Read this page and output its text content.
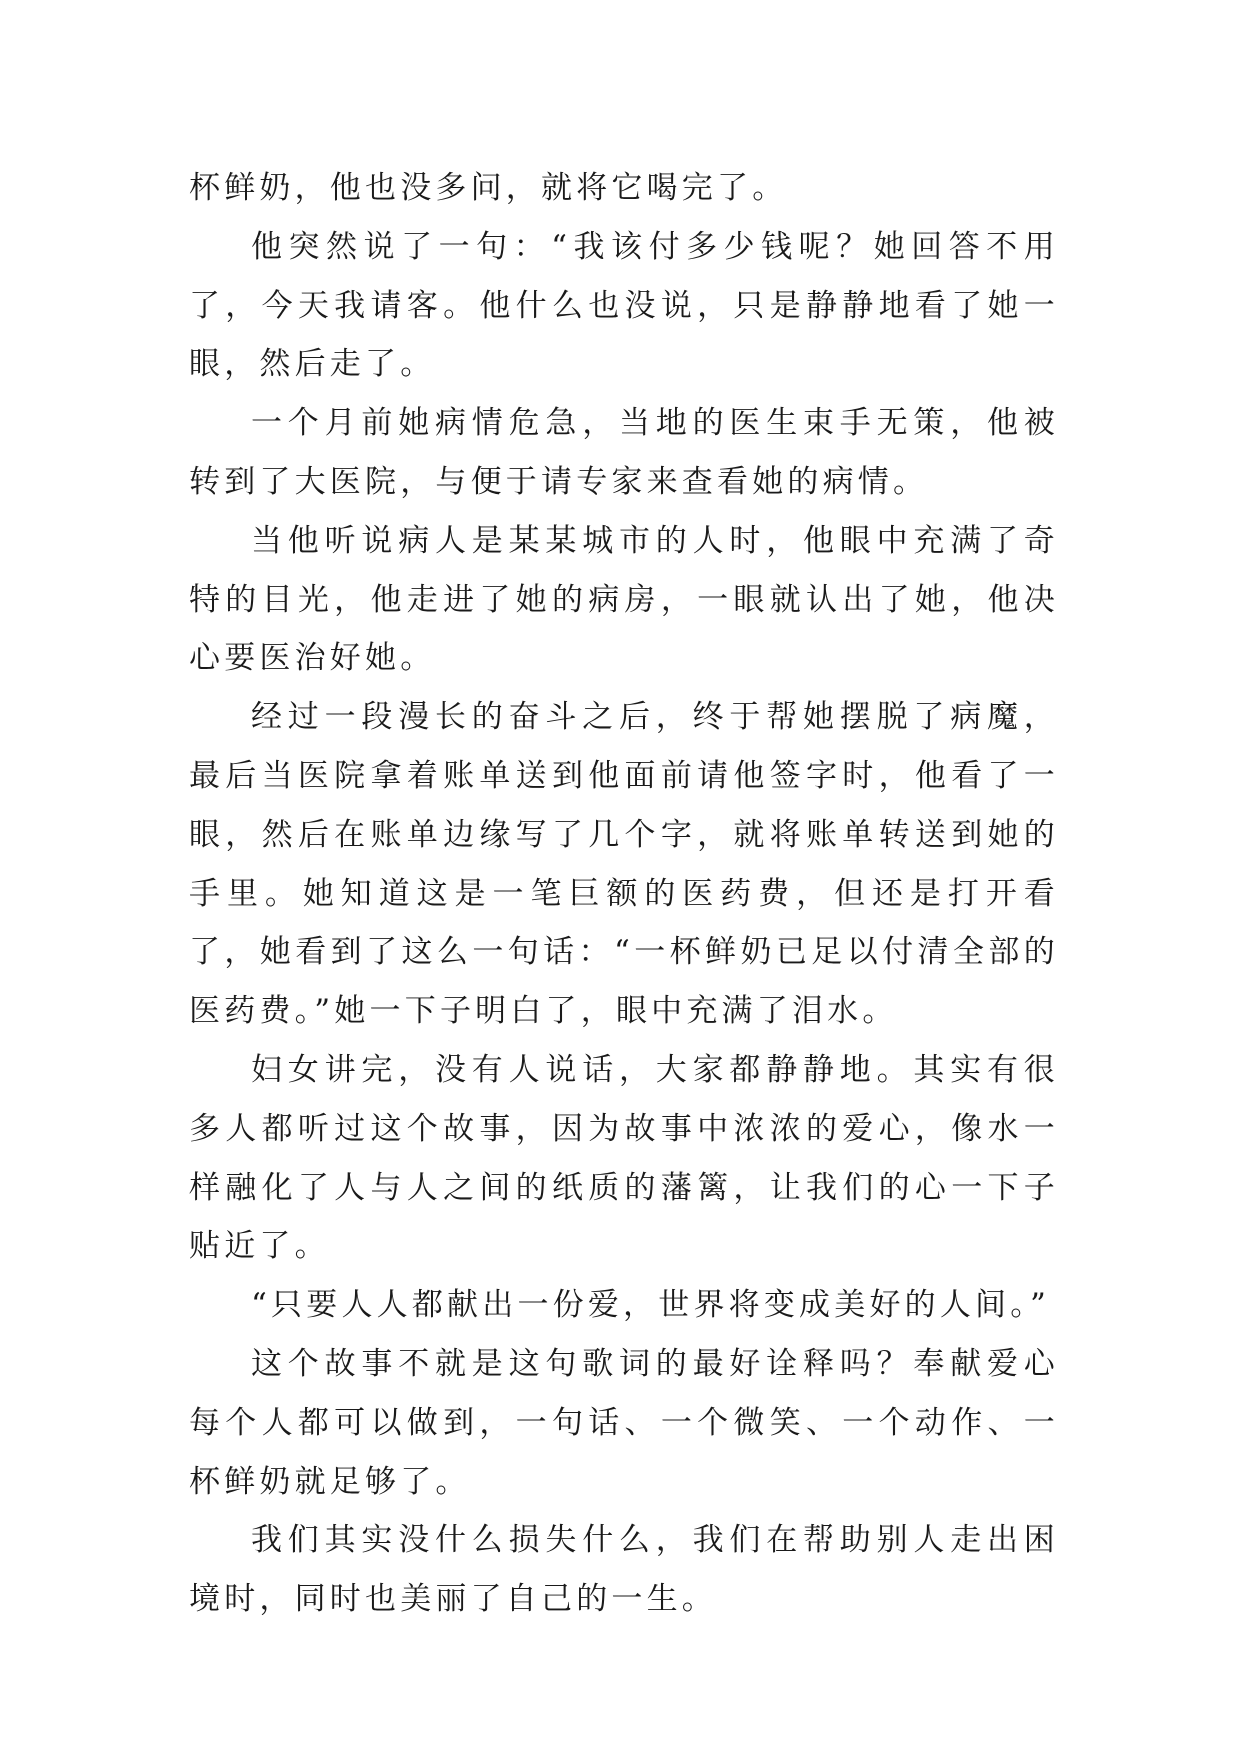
杯鲜奶，他也没多问，就将它喝完了。

他突然说了一句：“我该付多少钱呢？她回答不用了，今天我请客。他什么也没说，只是静静地看了她一眼，然后走了。

一个月前她病情危急，当地的医生束手无策，他被转到了大医院，与便于请专家来查看她的病情。

当他听说病人是某某城市的人时，他眼中充满了奇特的目光，他走进了她的病房，一眼就认出了她，他决心要医治好她。

经过一段漫长的奋斗之后，终于帮她摆脱了病魔，最后当医院拿着账单送到他面前请他签字时，他看了一眼，然后在账单边缘写了几个字，就将账单转送到她的手里。她知道这是一笔巨额的医药费，但还是打开看了，她看到了这么一句话：“一杯鲜奶已足以付清全部的医药费。”她一下子明白了，眼中充满了泪水。

妇女讲完，没有人说话，大家都静静地。其实有很多人都听过这个故事，因为故事中浓浓的爱心，像水一样融化了人与人之间的纸质的藩篱，让我们的心一下子贴近了。

“只要人人都献出一份爱，世界将变成美好的人间。”

这个故事不就是这句歌词的最好诠释吗？奉献爱心每个人都可以做到，一句话、一个微笑、一个动作、一杯鲜奶就足够了。

我们其实没什么损失什么，我们在帮助别人走出困境时，同时也美丽了自己的一生。
